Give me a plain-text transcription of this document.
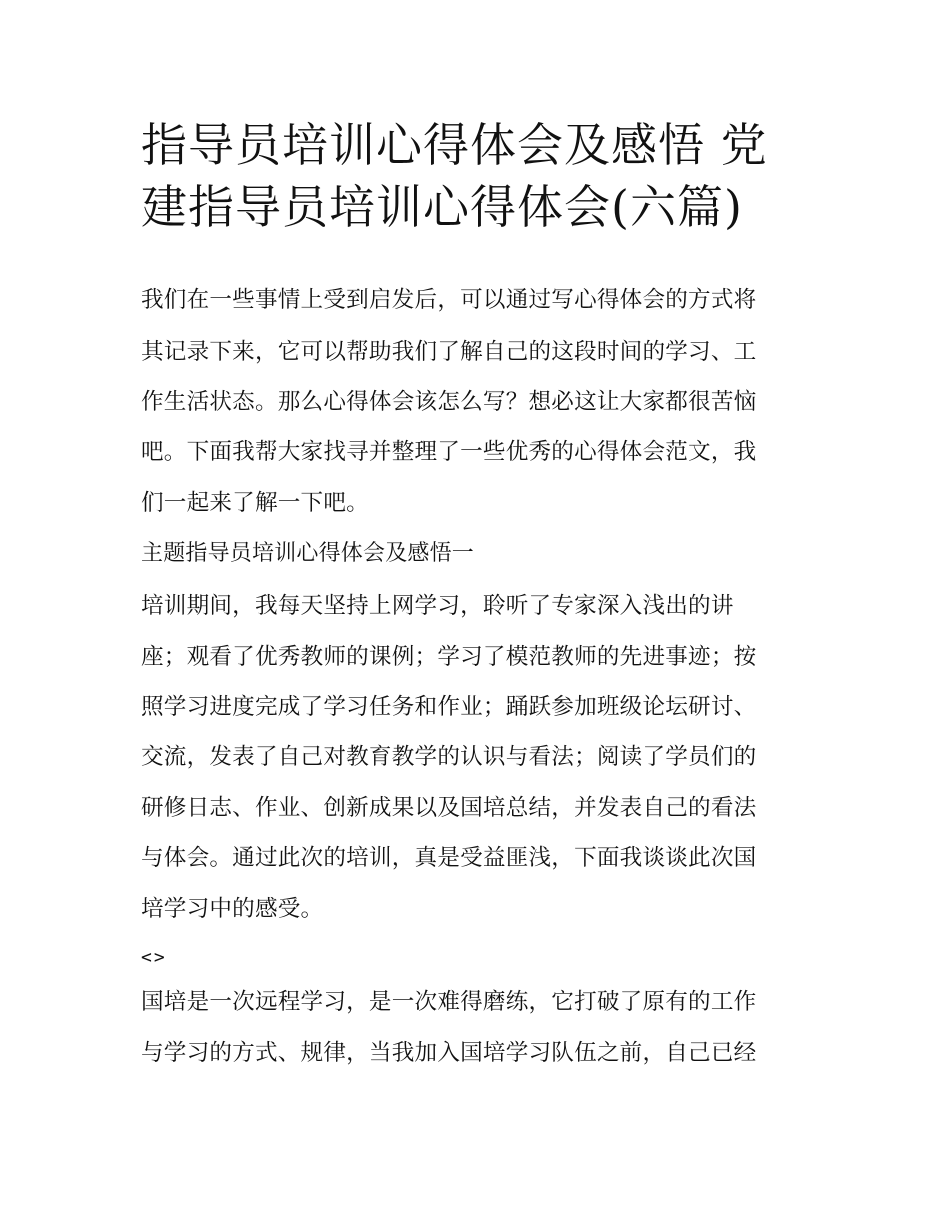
指导员培训心得体会及感悟 党
建指导员培训心得体会(六篇)

我们在一些事情上受到启发后，可以通过写心得体会的方式将

其记录下来，它可以帮助我们了解自己的这段时间的学习、工

作生活状态。那么心得体会该怎么写？想必这让大家都很苦恼

吧。下面我帮大家找寻并整理了一些优秀的心得体会范文，我

们一起来了解一下吧。

主题指导员培训心得体会及感悟一

培训期间，我每天坚持上网学习，聆听了专家深入浅出的讲

座；观看了优秀教师的课例；学习了模范教师的先进事迹；按

照学习进度完成了学习任务和作业；踊跃参加班级论坛研讨、

交流，发表了自己对教育教学的认识与看法；阅读了学员们的

研修日志、作业、创新成果以及国培总结，并发表自己的看法

与体会。通过此次的培训，真是受益匪浅，下面我谈谈此次国

培学习中的感受。

<>

国培是一次远程学习，是一次难得磨练，它打破了原有的工作

与学习的方式、规律，当我加入国培学习队伍之前，自己已经
